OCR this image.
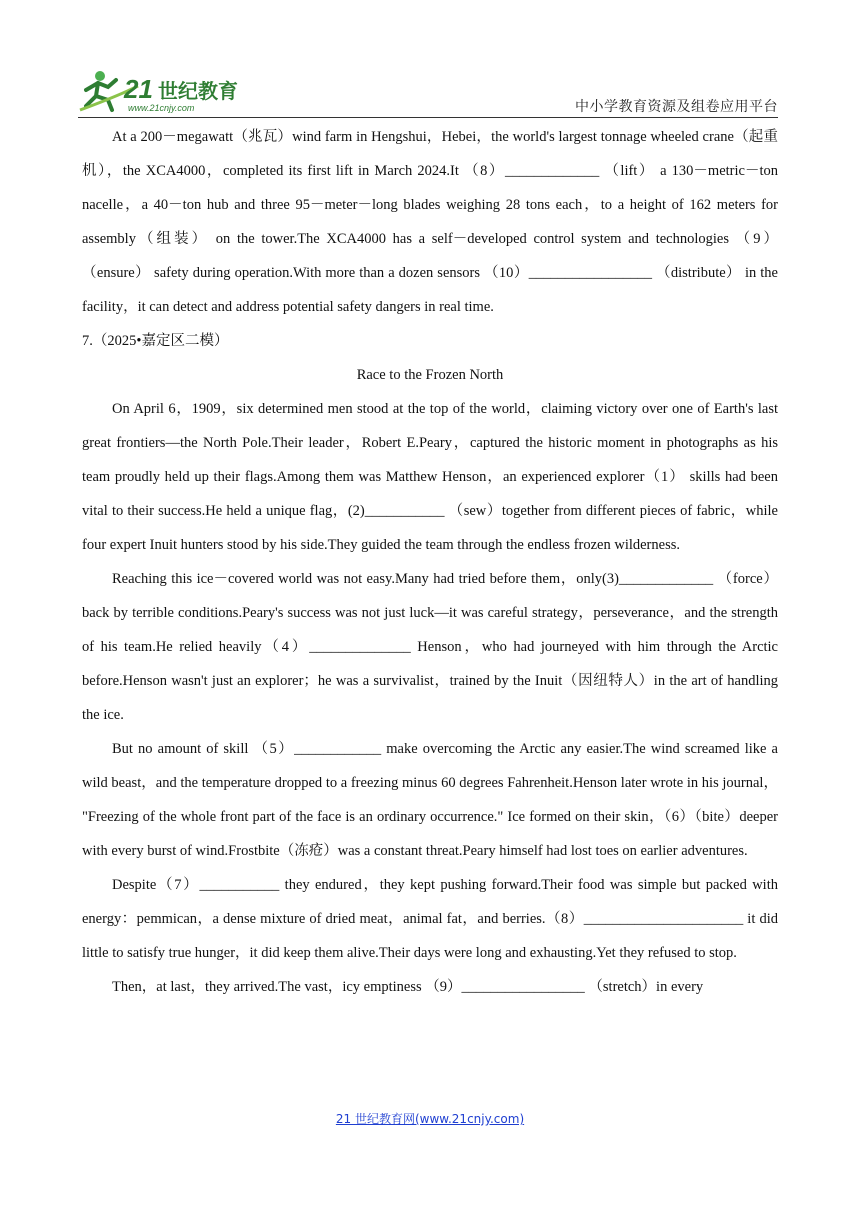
21 世纪教育
www.21cnjy.com	中小学教育资源及组卷应用平台

At a 200－megawatt（兆瓦）wind farm in Hengshui，Hebei，the world's largest tonnage wheeled crane（起重机），the XCA4000，completed its first lift in March 2024.It （8）_____________ （lift） a 130－metric－ton nacelle，a 40－ton hub and three 95－meter－long blades weighing 28 tons each，to a height of 162 meters for assembly（组装） on the tower.The XCA4000 has a self－developed control system and technologies （9）（ensure） safety during operation.With more than a dozen sensors （10）_________________ （distribute） in the facility，it can detect and address potential safety dangers in real time.

7.（2025•嘉定区二模）

Race to the Frozen North

On April 6，1909，six determined men stood at the top of the world，claiming victory over one of Earth's last great frontiers—the North Pole.Their leader，Robert E.Peary，captured the historic moment in photographs as his team proudly held up their flags.Among them was Matthew Henson，an experienced explorer（1） skills had been vital to their success.He held a unique flag，(2)___________ （sew）together from different pieces of fabric，while four expert Inuit hunters stood by his side.They guided the team through the endless frozen wilderness.

Reaching this ice－covered world was not easy.Many had tried before them，only(3)_____________ （force） back by terrible conditions.Peary's success was not just luck—it was careful strategy，perseverance，and the strength of his team.He relied heavily（4）______________ Henson，who had journeyed with him through the Arctic before.Henson wasn't just an explorer；he was a survivalist，trained by the Inuit（因纽特人）in the art of handling the ice.

But no amount of skill （5）____________ make overcoming the Arctic any easier.The wind screamed like a wild beast，and the temperature dropped to a freezing minus 60 degrees Fahrenheit.Henson later wrote in his journal， "Freezing of the whole front part of the face is an ordinary occurrence." Ice formed on their skin，（6）（bite）deeper with every burst of wind.Frostbite（冻疮）was a constant threat.Peary himself had lost toes on earlier adventures.

Despite（7）___________ they endured，they kept pushing forward.Their food was simple but packed with energy：pemmican，a dense mixture of dried meat，animal fat，and berries.（8）______________________ it did little to satisfy true hunger，it did keep them alive.Their days were long and exhausting.Yet they refused to stop.

Then，at last，they arrived.The vast，icy emptiness （9）_________________ （stretch）in every

21 世纪教育网(www.21cnjy.com)
